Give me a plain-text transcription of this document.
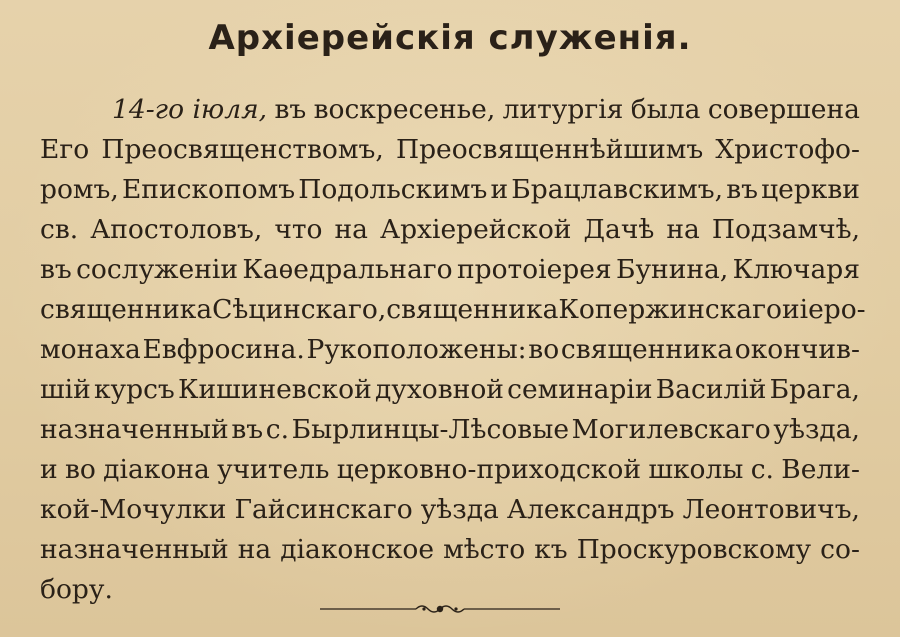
Архіерейскія служенія.
14-го іюля, въ воскресенье, литургія была совершена
Его Преосвященствомъ, Преосвященнѣйшимъ Христофо-
ромъ, Епископомъ Подольскимъ и Брацлавскимъ, въ церкви
св. Апостоловъ, что на Архіерейской Дачѣ на Подзамчѣ,
въ сослуженіи Каѳедральнаго протоіерея Бунина, Ключаря
священника Сѣцинскаго, священника Копержинскаго и іеро-
монаха Евфросина. Рукоположены: во священника окончив-
шій курсъ Кишиневской духовной семинаріи Василій Брага,
назначенный въ с. Бырлинцы-Лѣсовые Могилевскаго уѣзда,
и во діакона учитель церковно-приходской школы с. Вели-
кой-Мочулки Гайсинскаго уѣзда Александръ Леонтовичъ,
назначенный на діаконское мѣсто къ Проскуровскому со-
бору.
